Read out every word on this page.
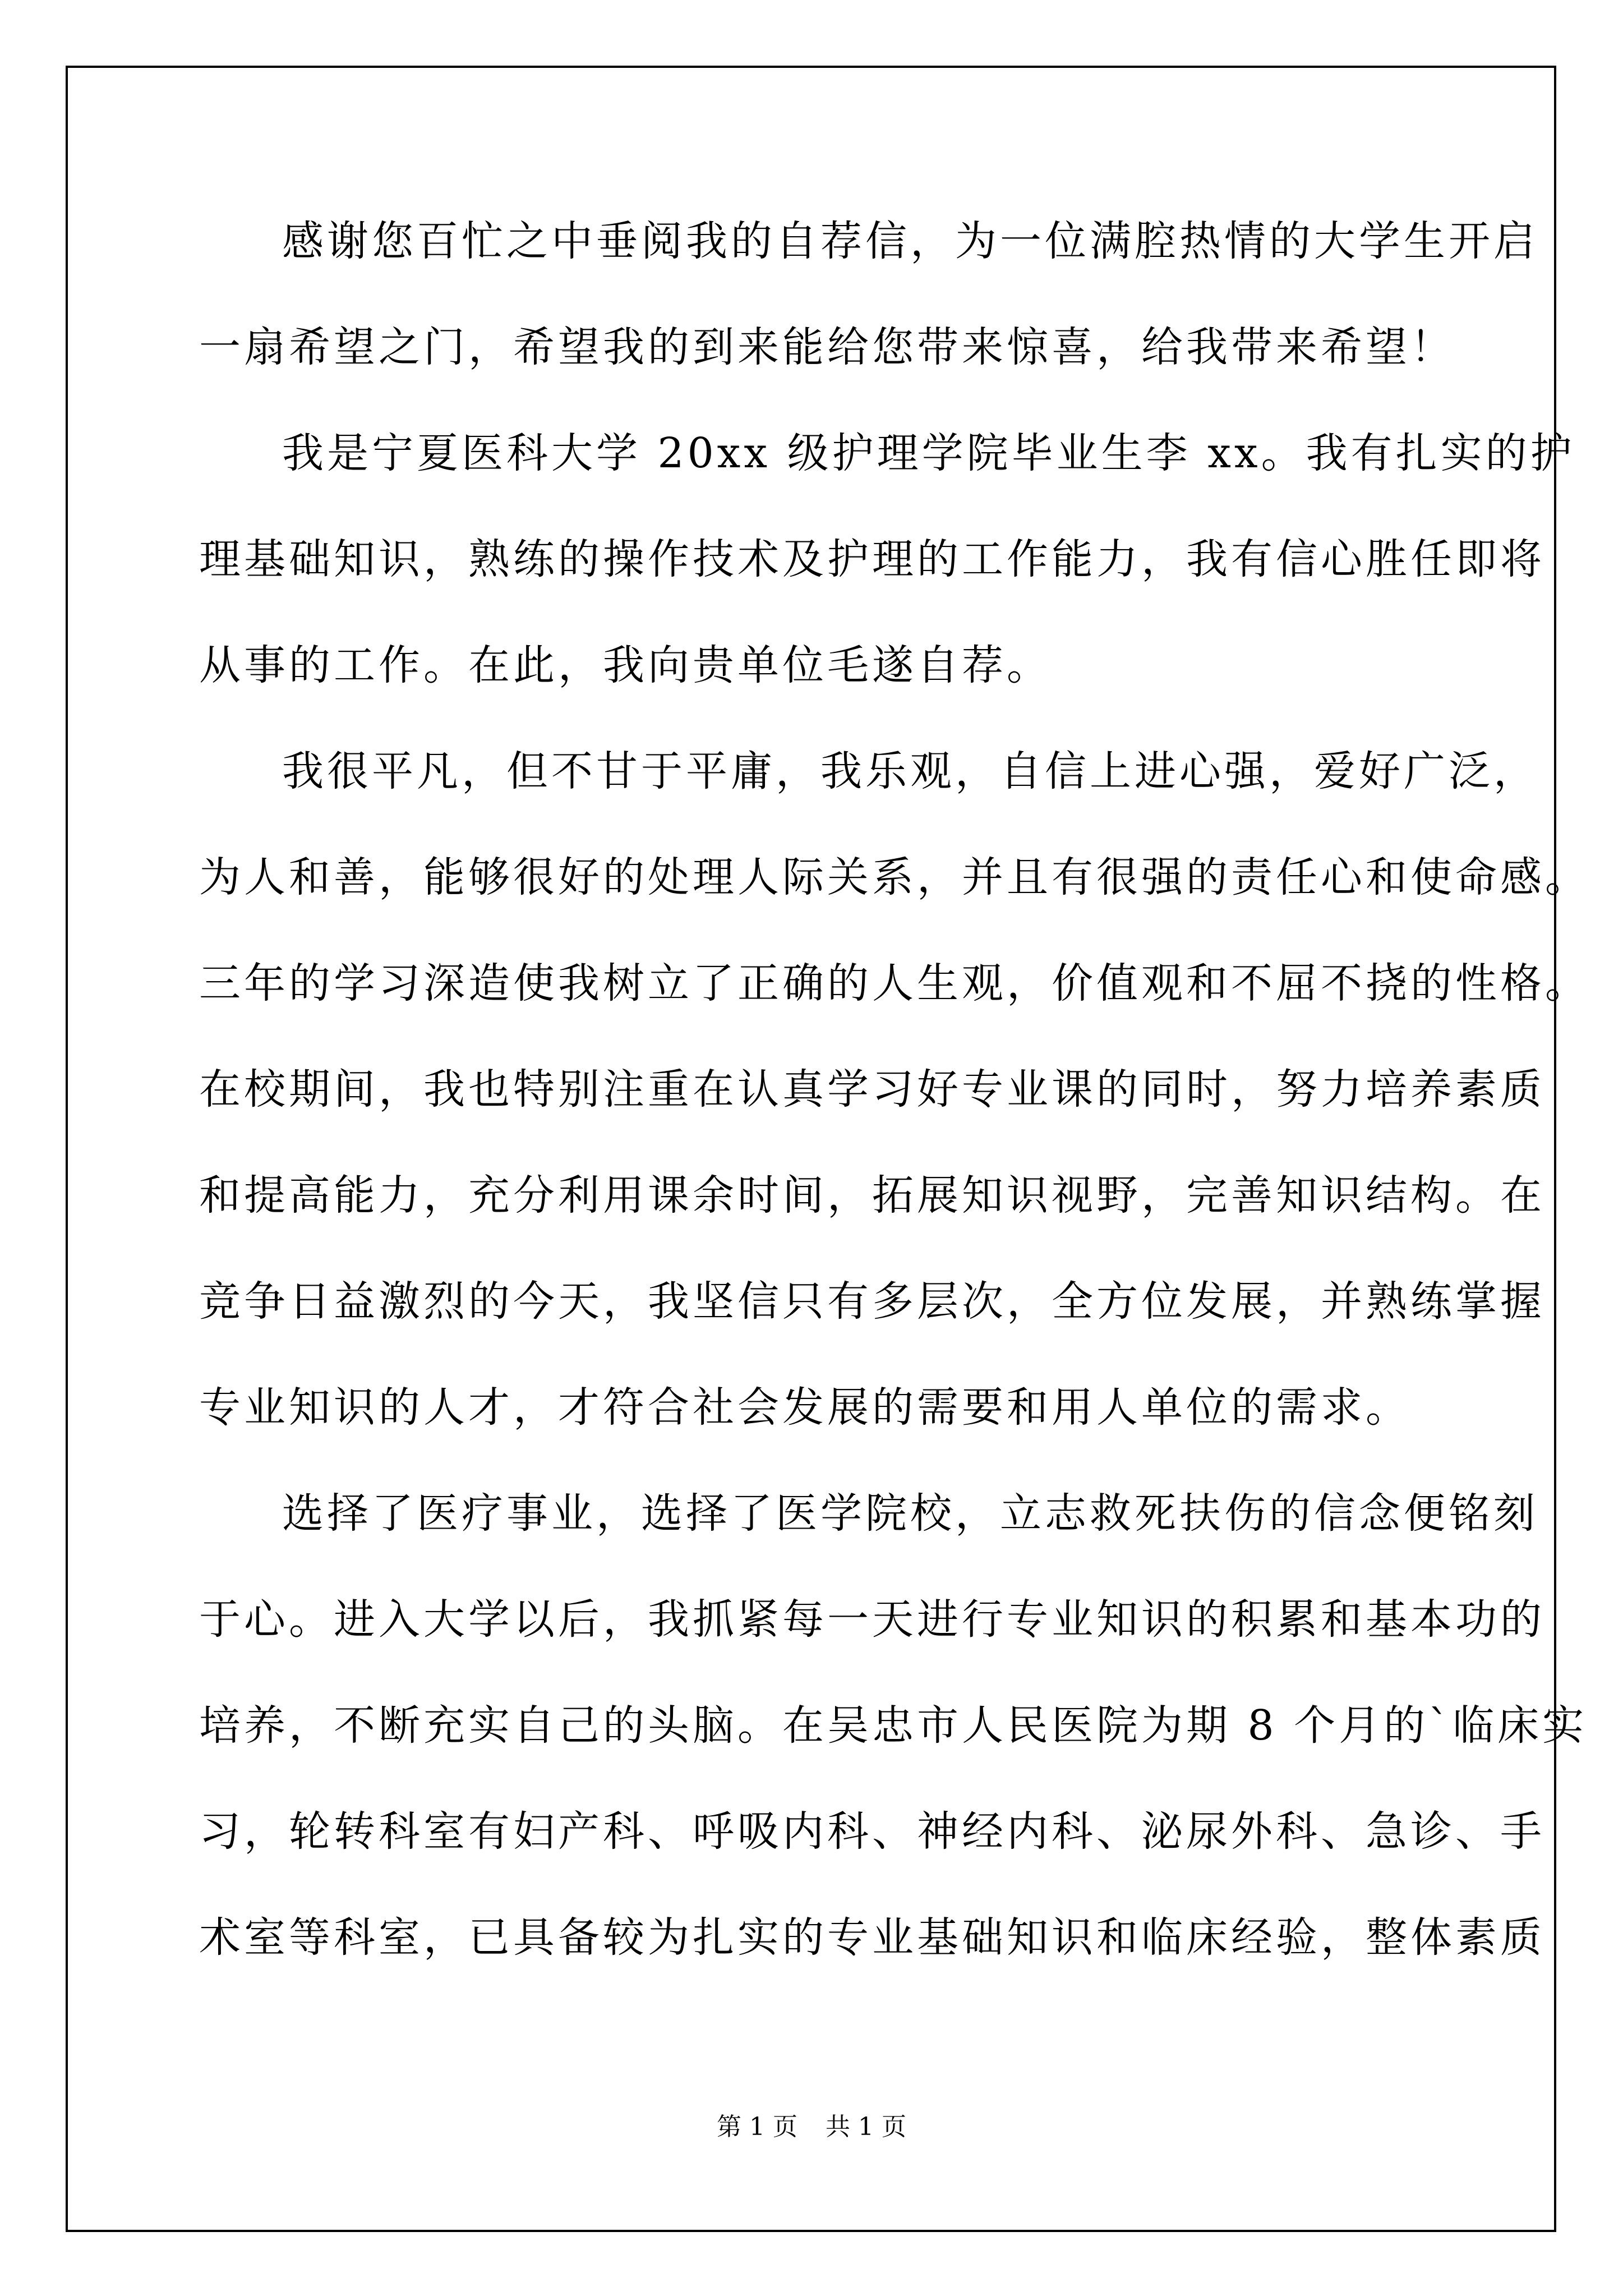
感谢您百忙之中垂阅我的自荐信，为一位满腔热情的大学生开启
一扇希望之门，希望我的到来能给您带来惊喜，给我带来希望！
我是宁夏医科大学 20xx 级护理学院毕业生李 xx。我有扎实的护
理基础知识，熟练的操作技术及护理的工作能力，我有信心胜任即将
从事的工作。在此，我向贵单位毛遂自荐。
我很平凡，但不甘于平庸，我乐观，自信上进心强，爱好广泛，
为人和善，能够很好的处理人际关系，并且有很强的责任心和使命感。
三年的学习深造使我树立了正确的人生观，价值观和不屈不挠的性格。
在校期间，我也特别注重在认真学习好专业课的同时，努力培养素质
和提高能力，充分利用课余时间，拓展知识视野，完善知识结构。在
竞争日益激烈的今天，我坚信只有多层次，全方位发展，并熟练掌握
专业知识的人才，才符合社会发展的需要和用人单位的需求。
选择了医疗事业，选择了医学院校，立志救死扶伤的信念便铭刻
于心。进入大学以后，我抓紧每一天进行专业知识的积累和基本功的
培养，不断充实自己的头脑。在吴忠市人民医院为期 8 个月的`临床实
习，轮转科室有妇产科、呼吸内科、神经内科、泌尿外科、急诊、手
术室等科室，已具备较为扎实的专业基础知识和临床经验，整体素质
第 1 页 共 1 页
